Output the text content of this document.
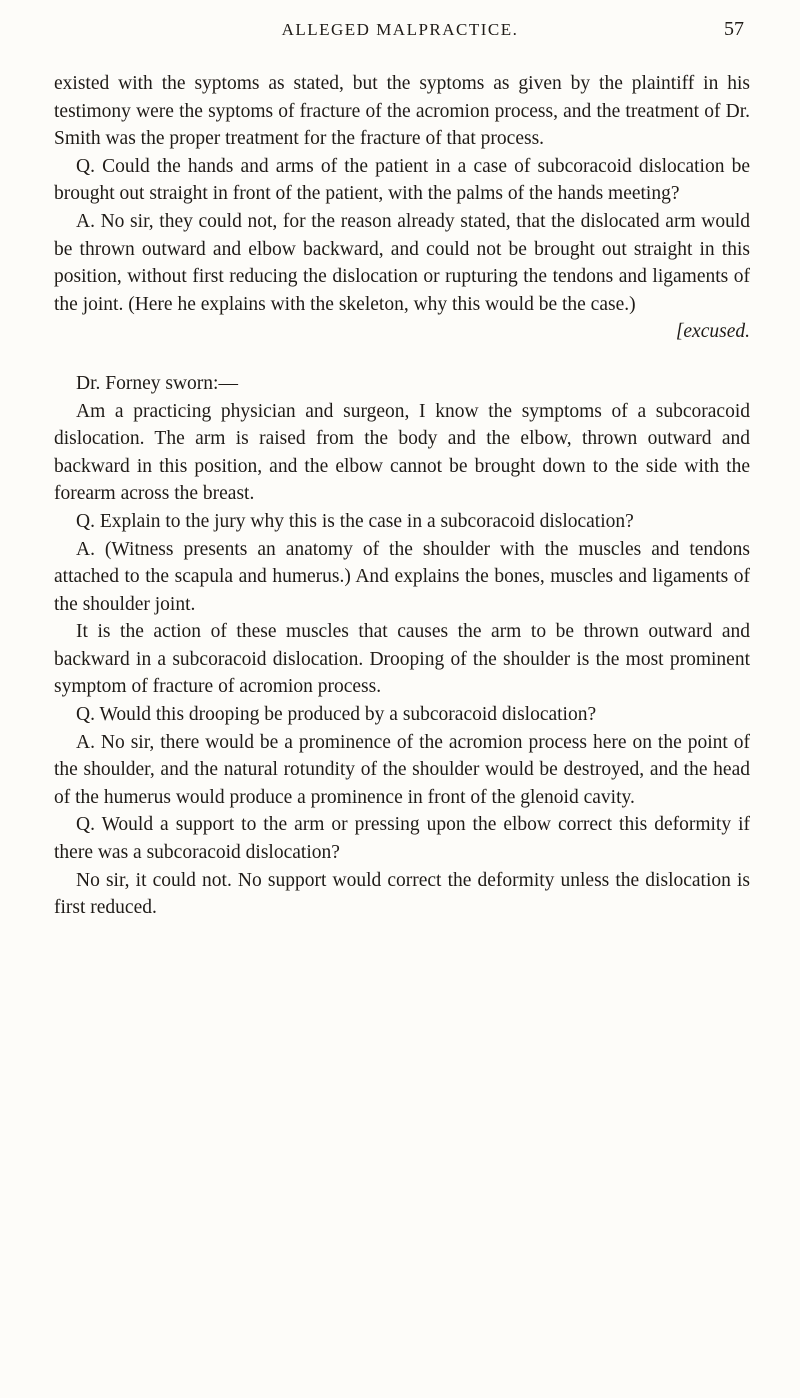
ALLEGED MALPRACTICE.	57

existed with the syptoms as stated, but the syptoms as given by the plaintiff in his testimony were the syptoms of fracture of the acromion process, and the treatment of Dr. Smith was the proper treatment for the fracture of that process.

Q. Could the hands and arms of the patient in a case of subcoracoid dislocation be brought out straight in front of the patient, with the palms of the hands meeting?

A. No sir, they could not, for the reason already stated, that the dislocated arm would be thrown outward and elbow backward, and could not be brought out straight in this position, without first reducing the dislocation or rupturing the tendons and ligaments of the joint. (Here he explains with the skeleton, why this would be the case.)

[excused.

Dr. Forney sworn:—

Am a practicing physician and surgeon, I know the symptoms of a subcoracoid dislocation. The arm is raised from the body and the elbow, thrown outward and backward in this position, and the elbow cannot be brought down to the side with the forearm across the breast.

Q. Explain to the jury why this is the case in a subcoracoid dislocation?

A. (Witness presents an anatomy of the shoulder with the muscles and tendons attached to the scapula and humerus.) And explains the bones, muscles and ligaments of the shoulder joint.

It is the action of these muscles that causes the arm to be thrown outward and backward in a subcoracoid dislocation. Drooping of the shoulder is the most prominent symptom of fracture of acromion process.

Q. Would this drooping be produced by a subcoracoid dislocation?

A. No sir, there would be a prominence of the acromion process here on the point of the shoulder, and the natural rotundity of the shoulder would be destroyed, and the head of the humerus would produce a prominence in front of the glenoid cavity.

Q. Would a support to the arm or pressing upon the elbow correct this deformity if there was a subcoracoid dislocation?

No sir, it could not. No support would correct the deformity unless the dislocation is first reduced.
